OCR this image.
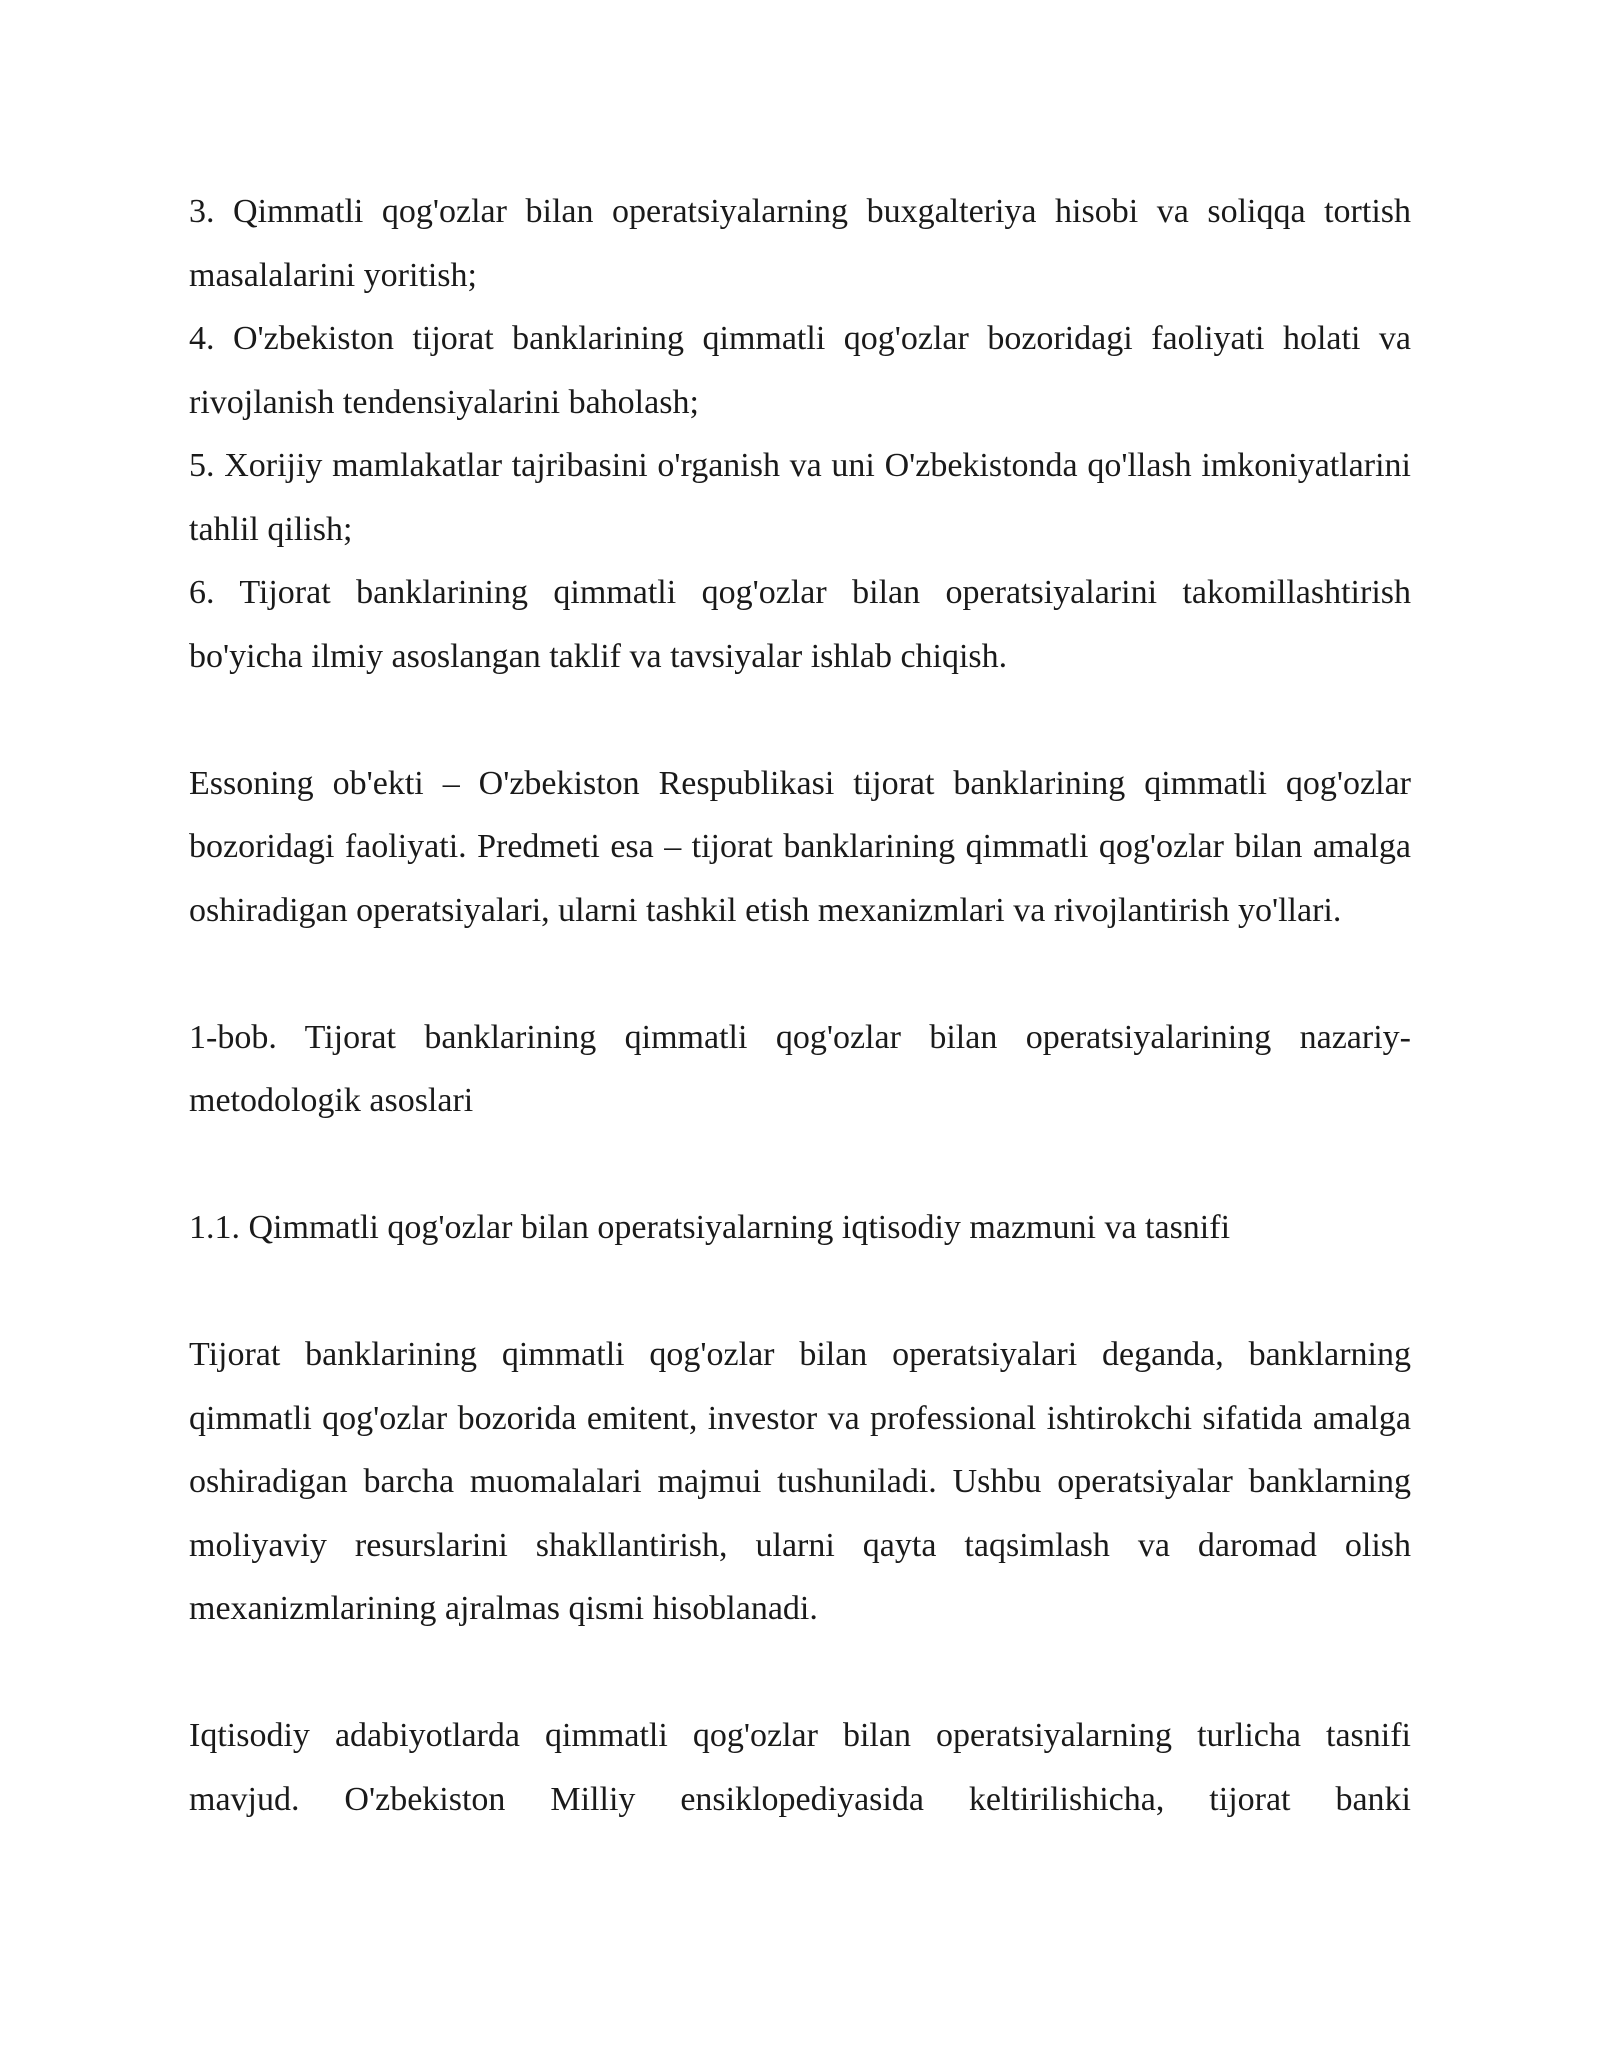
3. Qimmatli qog'ozlar bilan operatsiyalarning buxgalteriya hisobi va soliqqa tortish masalalarini yoritish;

4. O'zbekiston tijorat banklarining qimmatli qog'ozlar bozoridagi faoliyati holati va rivojlanish tendensiyalarini baholash;

5. Xorijiy mamlakatlar tajribasini o'rganish va uni O'zbekistonda qo'llash imkoniyatlarini tahlil qilish;

6. Tijorat banklarining qimmatli qog'ozlar bilan operatsiyalarini takomillashtirish bo'yicha ilmiy asoslangan taklif va tavsiyalar ishlab chiqish.

Essoning ob'ekti – O'zbekiston Respublikasi tijorat banklarining qimmatli qog'ozlar bozoridagi faoliyati. Predmeti esa – tijorat banklarining qimmatli qog'ozlar bilan amalga oshiradigan operatsiyalari, ularni tashkil etish mexanizmlari va rivojlantirish yo'llari.

1-bob. Tijorat banklarining qimmatli qog'ozlar bilan operatsiyalarining nazariy-metodologik asoslari

1.1. Qimmatli qog'ozlar bilan operatsiyalarning iqtisodiy mazmuni va tasnifi

Tijorat banklarining qimmatli qog'ozlar bilan operatsiyalari deganda, banklarning qimmatli qog'ozlar bozorida emitent, investor va professional ishtirokchi sifatida amalga oshiradigan barcha muomalalari majmui tushuniladi. Ushbu operatsiyalar banklarning moliyaviy resurslarini shakllantirish, ularni qayta taqsimlash va daromad olish mexanizmlarining ajralmas qismi hisoblanadi.

Iqtisodiy adabiyotlarda qimmatli qog'ozlar bilan operatsiyalarning turlicha tasnifi mavjud. O'zbekiston Milliy ensiklopediyasida keltirilishicha, tijorat banki
